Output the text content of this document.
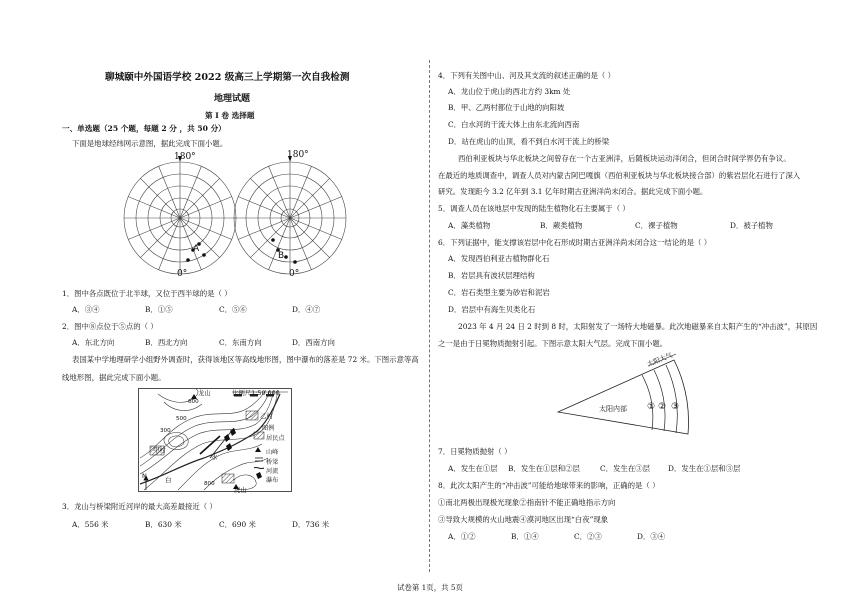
聊城颐中外国语学校 2022 级高三上学期第一次自我检测
地理试题
第 I 卷 选择题
一、单选题（25 个题，每题 2 分 ，共 50 分）
下面是地球经纬网示意图，据此完成下面小题。
180°	180°
0°	0°
A
B
1．图中各点既位于北半球，又位于西半球的是（ ）
A．③④	B．①⑤	C．⑤⑥	D．④⑦
2．图中⑧点位于⑤点的（ ）
A．东北方向	B．西北方向	C．东南方向	D．西南方向
表国某中学地理研学小组野外调查时，获得该地区等高线地形图，图中瀑布的落差是 72 米。下图示意等高
线地形图，据此完成下面小题。
比例尺1:50 000
龙山
乙村
甲村
虎山
水
白
N
600
500
300
800
图例
居民点
山峰
桥梁
河流
瀑布
3．龙山与桥梁附近河岸的最大高差最接近（ ）
A．556 米	B．630 米	C．690 米	D．736 米
4．下列有关图中山、河及其支流的叙述正确的是（ ）
A．龙山位于虎山的西北方约 3km 处
B．甲、乙两村都位于山地的向阳坡
C．白水河的干流大体上由东北流向西南
D．站在虎山的山顶，看不到白水河干流上的桥梁
西伯利亚板块与华北板块之间曾存在一个古亚洲洋，后随板块运动洋闭合，但闭合时间学界仍有争议。
在最近的地质调查中，调查人员对内蒙古阿巴嘎旗（西伯利亚板块与华北板块接合部）的紫岩层化石进行了深入
研究。发现距今 3.2 亿年到 3.1 亿年时期古亚洲洋尚未闭合。据此完成下面小题。
5．调查人员在该地层中发现的陆生植物化石主要属于（ ）
A．藻类植物	B．蕨类植物	C．裸子植物	D．被子植物
6．下列证据中，能支撑该岩层中化石形成时期古亚洲洋尚未闭合这一结论的是（ ）
A．发现西伯利亚古植物群化石
B．岩层具有波状层理结构
C．岩石类型主要为砂岩和泥岩
D．岩层中有海生贝类化石
2023 年 4 月 24 日 2 时到 8 时，太阳射发了一场特大地磁暴。此次地磁暴来自太阳产生的“冲击波”，其原因
之一是由于日冕物质抛射引起。下图示意太阳大气层。完成下面小题。
太阳内部
太阳大气
① ② ③
7．日冕物质抛射（ ）
A．发生在①层 B．发生在①层和②层	C．发生在③层 D．发生在①层和③层
8．此次太阳产生的“冲击波”可能给地球带来的影响，正确的是（ ）
①南北两极出现极光现象②指南针不能正确地指示方向
③导致大规模的火山地震④漠河地区出现“白夜”现象
A．①②	B．①④	C．②③	D．③④
试卷第 1页，共 5页
